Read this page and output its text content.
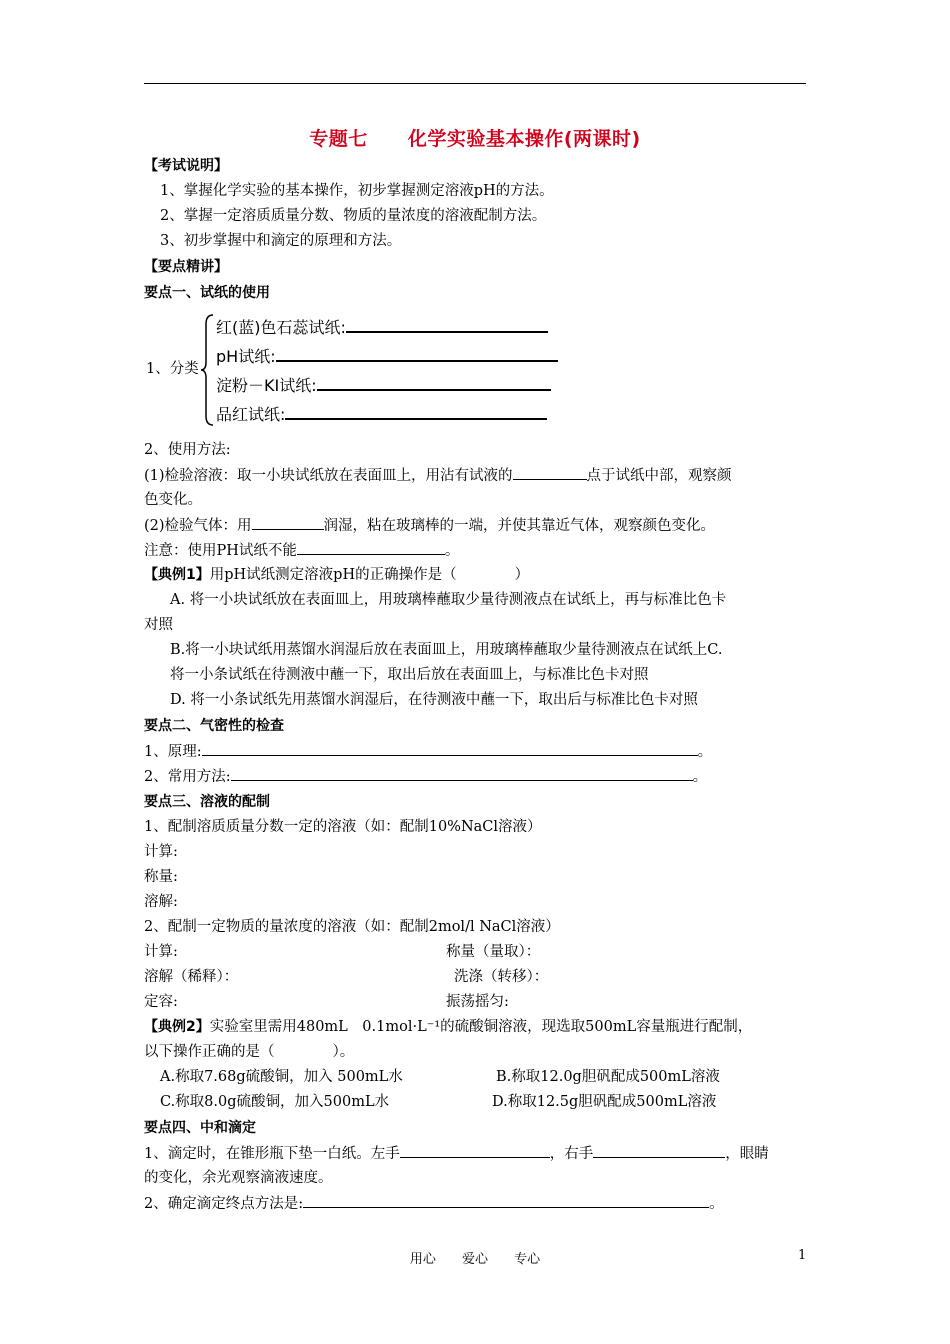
专题七 化学实验基本操作(两课时)
【考试说明】
1、掌握化学实验的基本操作，初步掌握测定溶液pH的方法。
2、掌握一定溶质质量分数、物质的量浓度的溶液配制方法。
3、初步掌握中和滴定的原理和方法。
【要点精讲】
要点一、试纸的使用
1、分类
红(蓝)色石蕊试纸:
pH试纸:
淀粉－KI试纸:
品红试纸:
2、使用方法:
(1)检验溶液：取一小块试纸放在表面皿上，用沾有试液的	点于试纸中部，观察颜
色变化。
(2)检验气体：用	润湿，粘在玻璃棒的一端，并使其靠近气体，观察颜色变化。
注意：使用PH试纸不能	。
【典例1】用pH试纸测定溶液pH的正确操作是（　　　　）
A. 将一小块试纸放在表面皿上，用玻璃棒蘸取少量待测液点在试纸上，再与标准比色卡
对照
B.将一小块试纸用蒸馏水润湿后放在表面皿上，用玻璃棒蘸取少量待测液点在试纸上C.
将一小条试纸在待测液中蘸一下，取出后放在表面皿上，与标准比色卡对照
D. 将一小条试纸先用蒸馏水润湿后，在待测液中蘸一下，取出后与标准比色卡对照
要点二、气密性的检查
1、原理:	。
2、常用方法:	。
要点三、溶液的配制
1、配制溶质质量分数一定的溶液（如：配制10%NaCl溶液）
计算:
称量:
溶解:
2、配制一定物质的量浓度的溶液（如：配制2mol/l NaCl溶液）
计算:	称量（量取）：
溶解（稀释）：	洗涤（转移）：
定容:	振荡摇匀:
【典例2】实验室里需用480mL　0.1mol·L⁻¹的硫酸铜溶液，现选取500mL容量瓶进行配制，
以下操作正确的是（　　　　）。
A.称取7.68g硫酸铜，加入 500mL水	B.称取12.0g胆矾配成500mL溶液
C.称取8.0g硫酸铜，加入500mL水	D.称取12.5g胆矾配成500mL溶液
要点四、中和滴定
1、滴定时，在锥形瓶下垫一白纸。左手	，右手	，眼睛
的变化，余光观察滴液速度。
2、确定滴定终点方法是:	。
用心 爱心 专心	1
